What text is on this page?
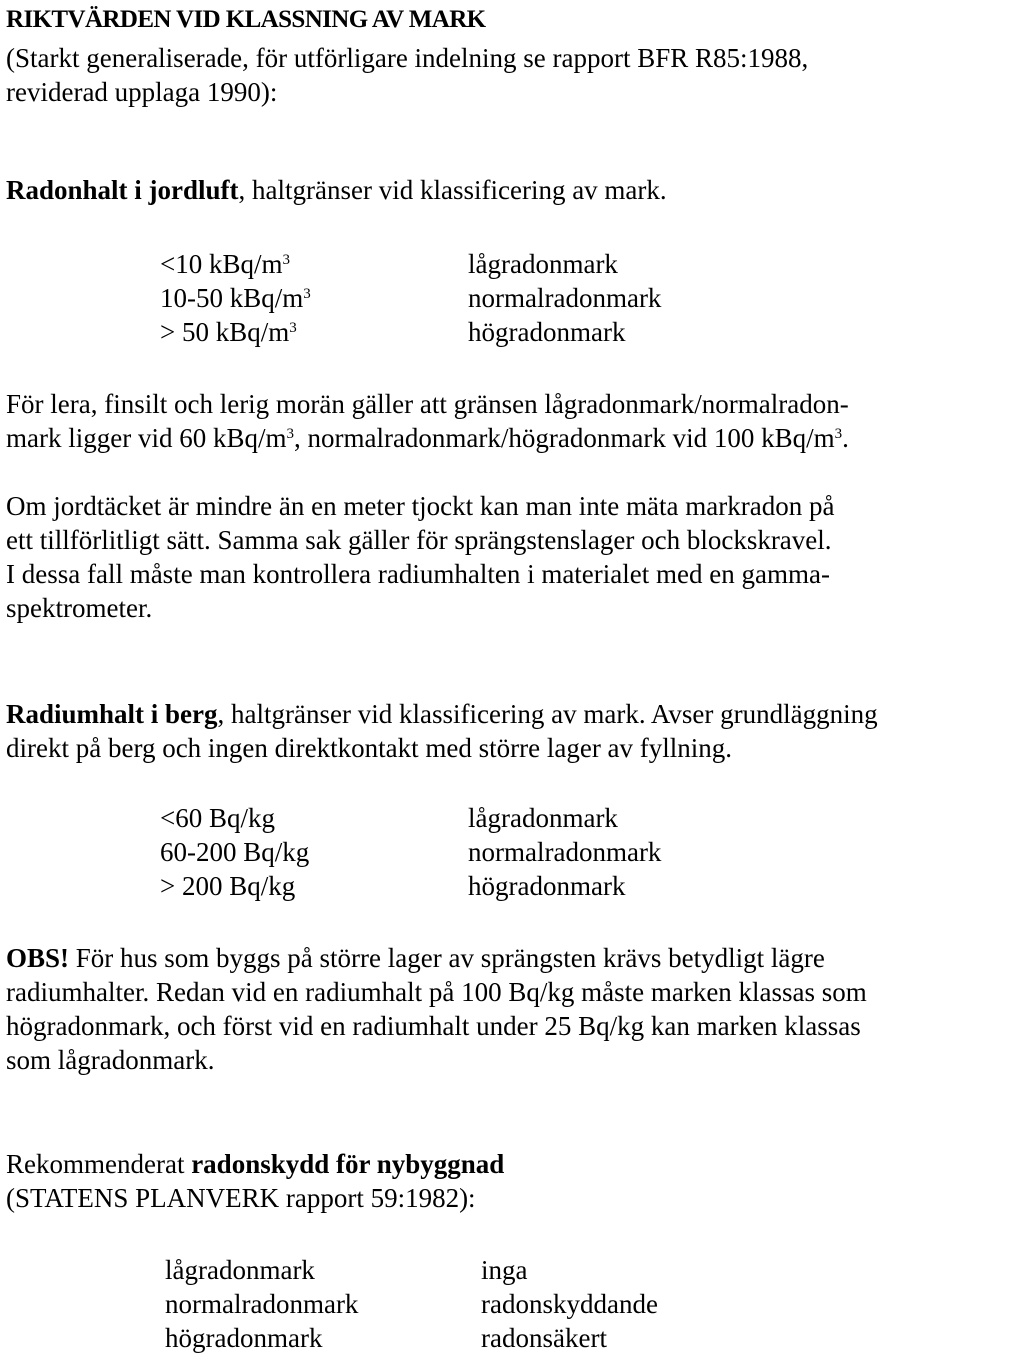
RIKTVÄRDEN VID KLASSNING AV MARK
(Starkt generaliserade, för utförligare indelning se rapport BFR R85:1988,
reviderad upplaga 1990):
Radonhalt i jordluft, haltgränser vid klassificering av mark.
<10 kBq/$m^3$
10-50 kBq/$m^3$
> 50 kBq/$m^3$
lågradonmark
normalradonmark
högradonmark
För lera, finsilt och lerig morän gäller att gränsen lågradonmark/normalradon-
mark ligger vid 60 kBq/$m^3$, normalradonmark/högradonmark vid 100 kBq/$m^3$.
Om jordtäcket är mindre än en meter tjockt kan man inte mäta markradon på
ett tillförlitligt sätt. Samma sak gäller för sprängstenslager och blockskravel.
I dessa fall måste man kontrollera radiumhalten i materialet med en gamma-
spektrometer.
Radiumhalt i berg, haltgränser vid klassificering av mark. Avser grundläggning
direkt på berg och ingen direktkontakt med större lager av fyllning.
<60 Bq/kg
60-200 Bq/kg
> 200 Bq/kg
lågradonmark
normalradonmark
högradonmark
OBS! För hus som byggs på större lager av sprängsten krävs betydligt lägre
radiumhalter. Redan vid en radiumhalt på 100 Bq/kg måste marken klassas som
högradonmark, och först vid en radiumhalt under 25 Bq/kg kan marken klassas
som lågradonmark.
Rekommenderat radonskydd för nybyggnad
(STATENS PLANVERK rapport 59:1982):
lågradonmark
normalradonmark
högradonmark
inga
radonskyddande
radonsäkert
